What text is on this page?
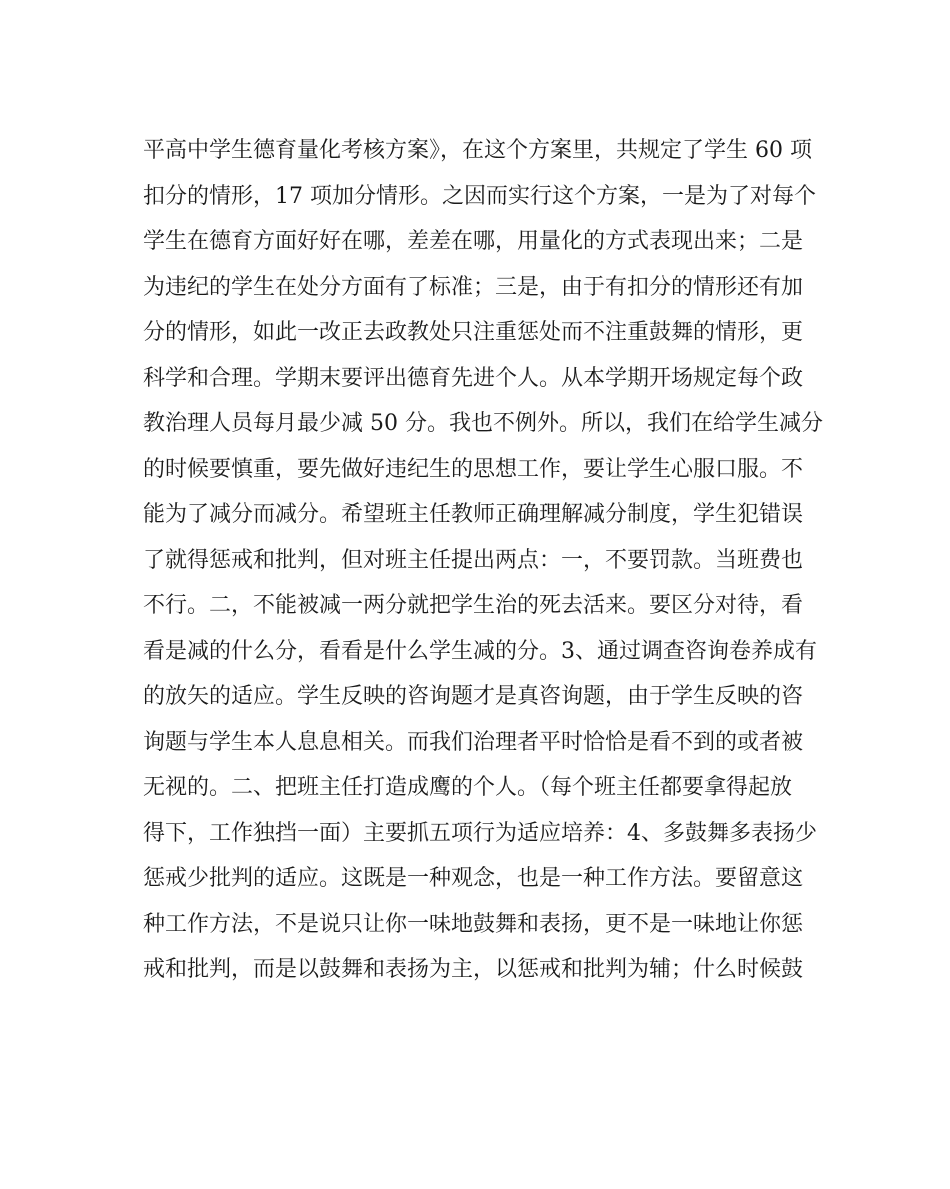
平高中学生德育量化考核方案》，在这个方案里，共规定了学生 60 项
扣分的情形，17 项加分情形。之因而实行这个方案，一是为了对每个
学生在德育方面好好在哪，差差在哪，用量化的方式表现出来；二是
为违纪的学生在处分方面有了标准；三是，由于有扣分的情形还有加
分的情形，如此一改正去政教处只注重惩处而不注重鼓舞的情形，更
科学和合理。学期末要评出德育先进个人。从本学期开场规定每个政
教治理人员每月最少减 50 分。我也不例外。所以，我们在给学生减分
的时候要慎重，要先做好违纪生的思想工作，要让学生心服口服。不
能为了减分而减分。希望班主任教师正确理解减分制度，学生犯错误
了就得惩戒和批判，但对班主任提出两点：一，不要罚款。当班费也
不行。二，不能被减一两分就把学生治的死去活来。要区分对待，看
看是减的什么分，看看是什么学生减的分。3、通过调查咨询卷养成有
的放矢的适应。学生反映的咨询题才是真咨询题，由于学生反映的咨
询题与学生本人息息相关。而我们治理者平时恰恰是看不到的或者被
无视的。二、把班主任打造成鹰的个人。（每个班主任都要拿得起放
得下，工作独挡一面）主要抓五项行为适应培养：4、多鼓舞多表扬少
惩戒少批判的适应。这既是一种观念，也是一种工作方法。要留意这
种工作方法，不是说只让你一味地鼓舞和表扬，更不是一味地让你惩
戒和批判，而是以鼓舞和表扬为主，以惩戒和批判为辅；什么时候鼓
